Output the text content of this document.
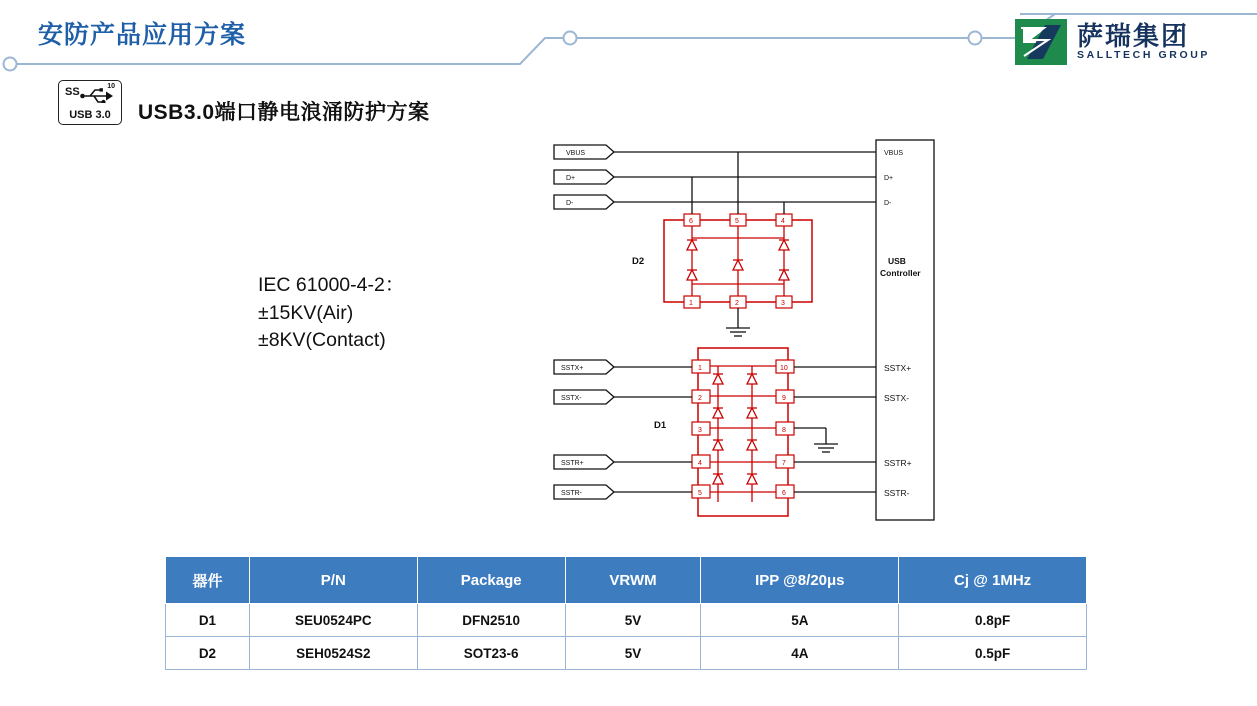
安防产品应用方案	萨瑞集团
SALLTECH GROUP
SS	10
USB 3.0	USB3.0端口静电浪涌防护方案
IEC 61000-4-2：
±15KV(Air)
±8KV(Contact)
VBUS
D+
D-
VBUS
D+
D-
USB
Controller
SSTX+
SSTX-
SSTR+
SSTR-
D2
6	5	4
1	2	3
SSTX+
SSTX-
SSTR+
SSTR-
D1
1
2
3
4
5
10
9
8
7
6
器件	P/N	Package	VRWM	IPP @8/20μs	Cj @ 1MHz
D1	SEU0524PC	DFN2510	5V	5A	0.8pF
D2	SEH0524S2	SOT23-6	5V	4A	0.5pF
